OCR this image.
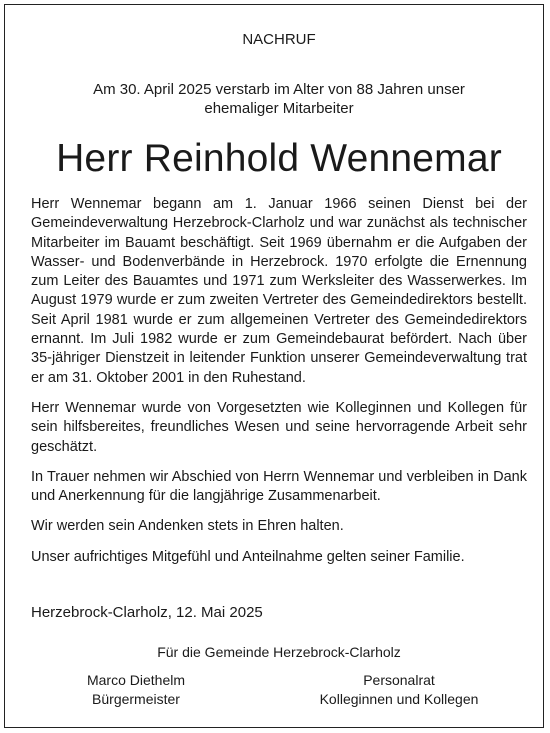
NACHRUF
Am 30. April 2025 verstarb im Alter von 88 Jahren unser ehemaliger Mitarbeiter
Herr Reinhold Wennemar

Herr Wennemar begann am 1. Januar 1966 seinen Dienst bei der Gemeindeverwaltung Herzebrock-Clarholz und war zunächst als technischer Mitarbeiter im Bauamt beschäftigt. Seit 1969 übernahm er die Aufgaben der Wasser- und Bodenverbände in Herzebrock. 1970 erfolgte die Ernennung zum Leiter des Bauamtes und 1971 zum Werksleiter des Wasserwerkes. Im August 1979 wurde er zum zweiten Vertreter des Gemeindedirektors bestellt. Seit April 1981 wurde er zum allgemeinen Vertreter des Gemeindedirektors ernannt. Im Juli 1982 wurde er zum Gemeindebaurat befördert. Nach über 35-jähriger Dienstzeit in leitender Funktion unserer Gemeindeverwaltung trat er am 31. Oktober 2001 in den Ruhestand.

Herr Wennemar wurde von Vorgesetzten wie Kolleginnen und Kollegen für sein hilfsbereites, freundliches Wesen und seine hervorragende Arbeit sehr geschätzt.

In Trauer nehmen wir Abschied von Herrn Wennemar und verbleiben in Dank und Anerkennung für die langjährige Zusammenarbeit.

Wir werden sein Andenken stets in Ehren halten.

Unser aufrichtiges Mitgefühl und Anteilnahme gelten seiner Familie.

Herzebrock-Clarholz, 12. Mai 2025
Für die Gemeinde Herzebrock-Clarholz
Marco Diethelm
Bürgermeister
Personalrat
Kolleginnen und Kollegen
